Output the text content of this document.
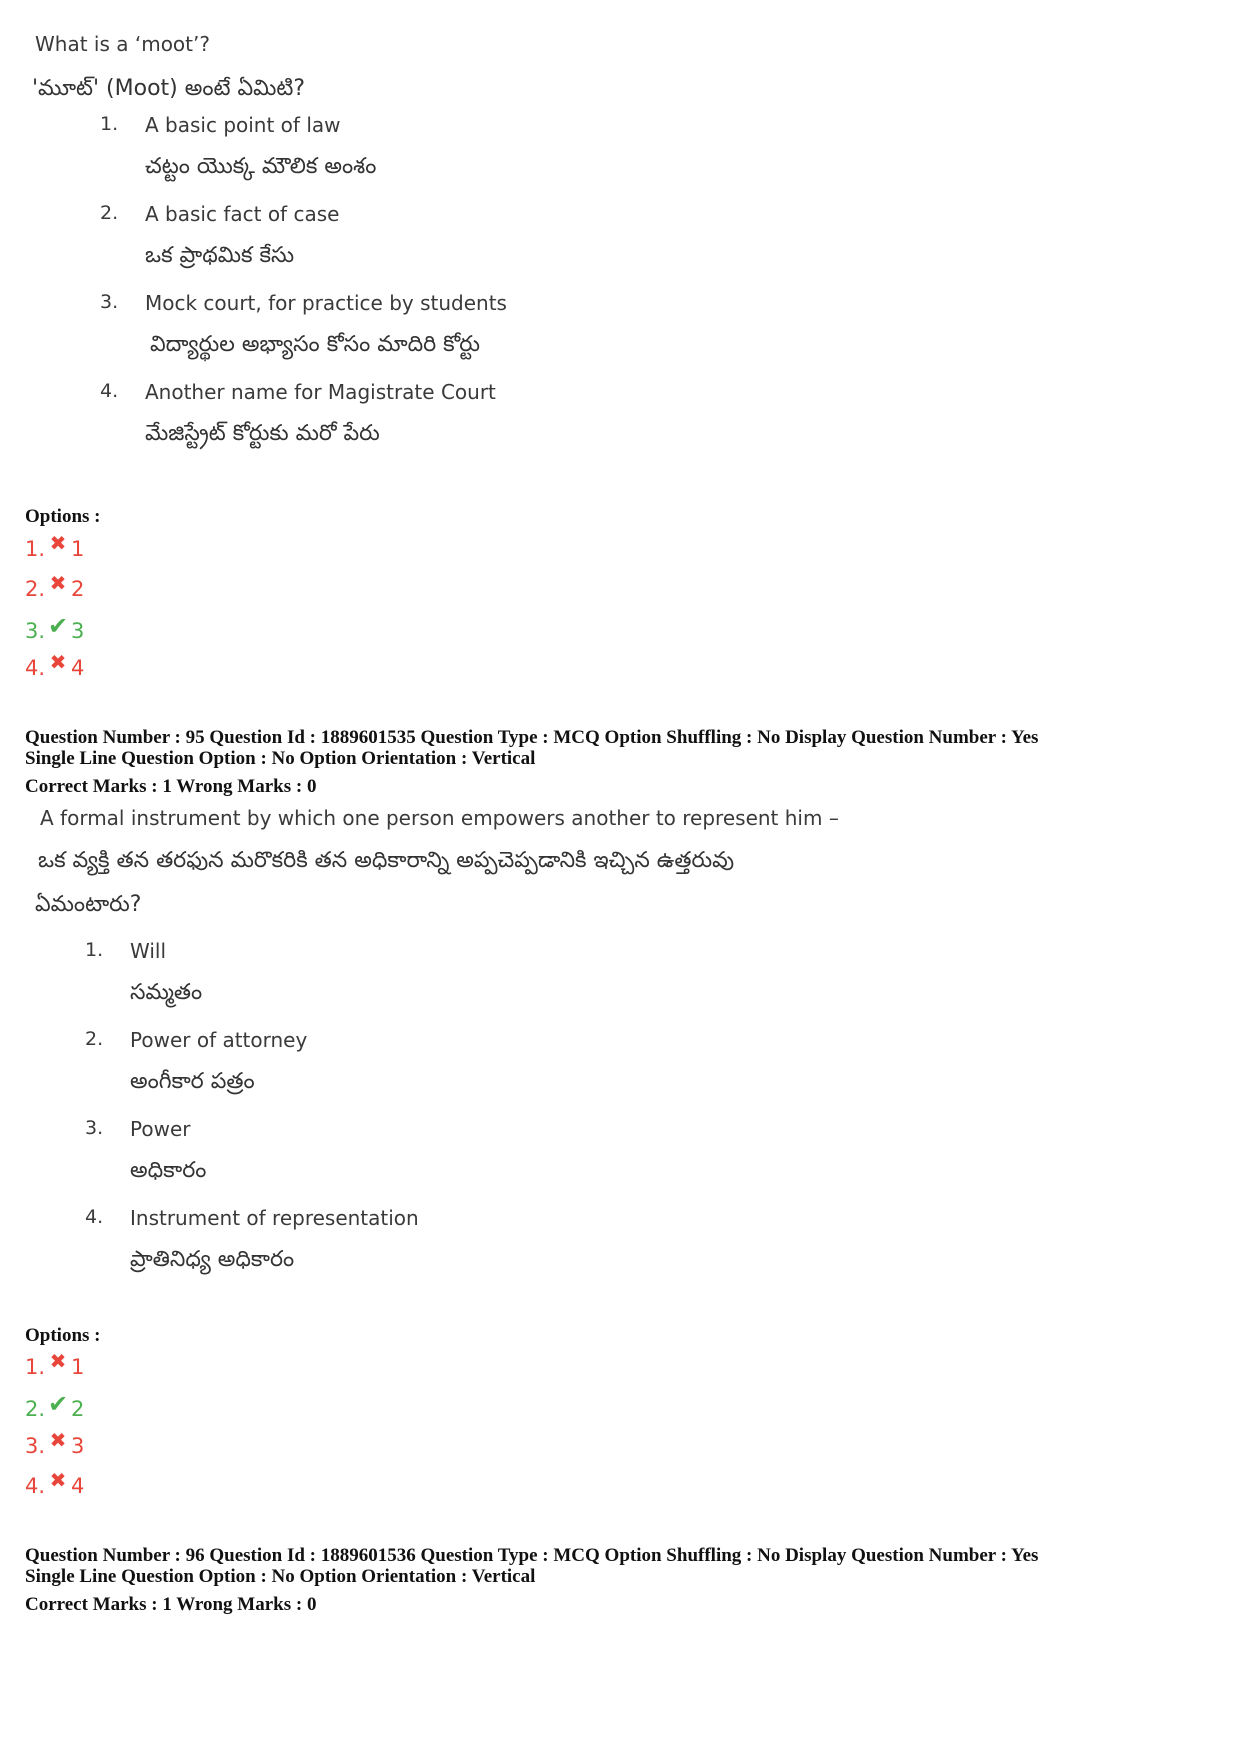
What is a ‘moot’?
'మూట్' (Moot) అంటే ఏమిటి?
1. A basic point of law
చట్టం యొక్క మౌలిక అంశం
2. A basic fact of case
ఒక ప్రాథమిక కేసు
3. Mock court, for practice by students
విద్యార్థుల అభ్యాసం కోసం మాదిరి కోర్టు
4. Another name for Magistrate Court
మేజిస్ట్రేట్ కోర్టుకు మరో పేరు
Options :
1. ✖ 1
2. ✖ 2
3. ✔ 3
4. ✖ 4
Question Number : 95 Question Id : 1889601535 Question Type : MCQ Option Shuffling : No Display Question Number : Yes
Single Line Question Option : No Option Orientation : Vertical
Correct Marks : 1 Wrong Marks : 0
A formal instrument by which one person empowers another to represent him –
ఒక వ్యక్తి తన తరఫున మరొకరికి తన అధికారాన్ని అప్పచెప్పడానికి ఇచ్చిన ఉత్తరువు
ఏమంటారు?
1. Will
సమ్మతం
2. Power of attorney
అంగీకార పత్రం
3. Power
అధికారం
4. Instrument of representation
ప్రాతినిధ్య అధికారం
Options :
1. ✖ 1
2. ✔ 2
3. ✖ 3
4. ✖ 4
Question Number : 96 Question Id : 1889601536 Question Type : MCQ Option Shuffling : No Display Question Number : Yes
Single Line Question Option : No Option Orientation : Vertical
Correct Marks : 1 Wrong Marks : 0
